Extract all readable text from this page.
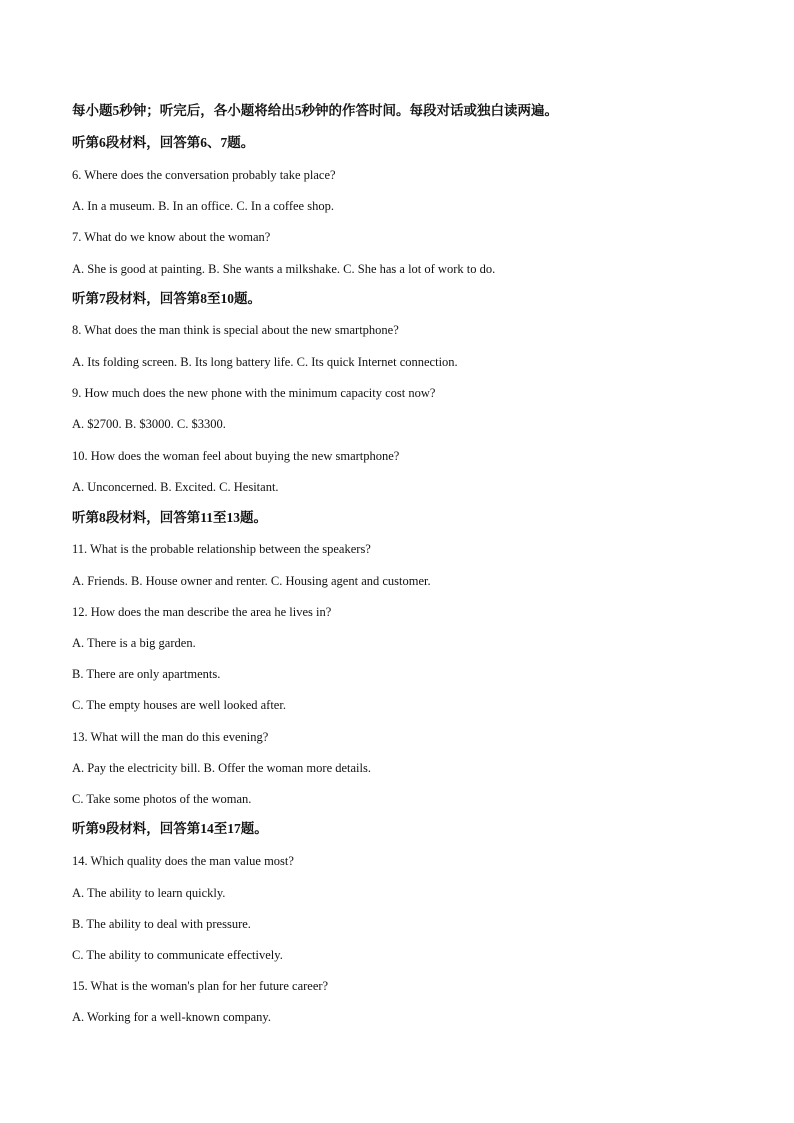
每小题5秒钟；听完后，各小题将给出5秒钟的作答时间。每段对话或独白读两遍。
听第6段材料，回答第6、7题。
6. Where does the conversation probably take place?
A. In a museum. B. In an office. C. In a coffee shop.
7. What do we know about the woman?
A. She is good at painting. B. She wants a milkshake. C. She has a lot of work to do.
听第7段材料，回答第8至10题。
8. What does the man think is special about the new smartphone?
A. Its folding screen. B. Its long battery life. C. Its quick Internet connection.
9. How much does the new phone with the minimum capacity cost now?
A. $2700. B. $3000. C. $3300.
10. How does the woman feel about buying the new smartphone?
A. Unconcerned. B. Excited. C. Hesitant.
听第8段材料，回答第11至13题。
11. What is the probable relationship between the speakers?
A. Friends. B. House owner and renter. C. Housing agent and customer.
12. How does the man describe the area he lives in?
A. There is a big garden.
B. There are only apartments.
C. The empty houses are well looked after.
13. What will the man do this evening?
A. Pay the electricity bill. B. Offer the woman more details.
C. Take some photos of the woman.
听第9段材料，回答第14至17题。
14. Which quality does the man value most?
A. The ability to learn quickly.
B. The ability to deal with pressure.
C. The ability to communicate effectively.
15. What is the woman's plan for her future career?
A. Working for a well-known company.
